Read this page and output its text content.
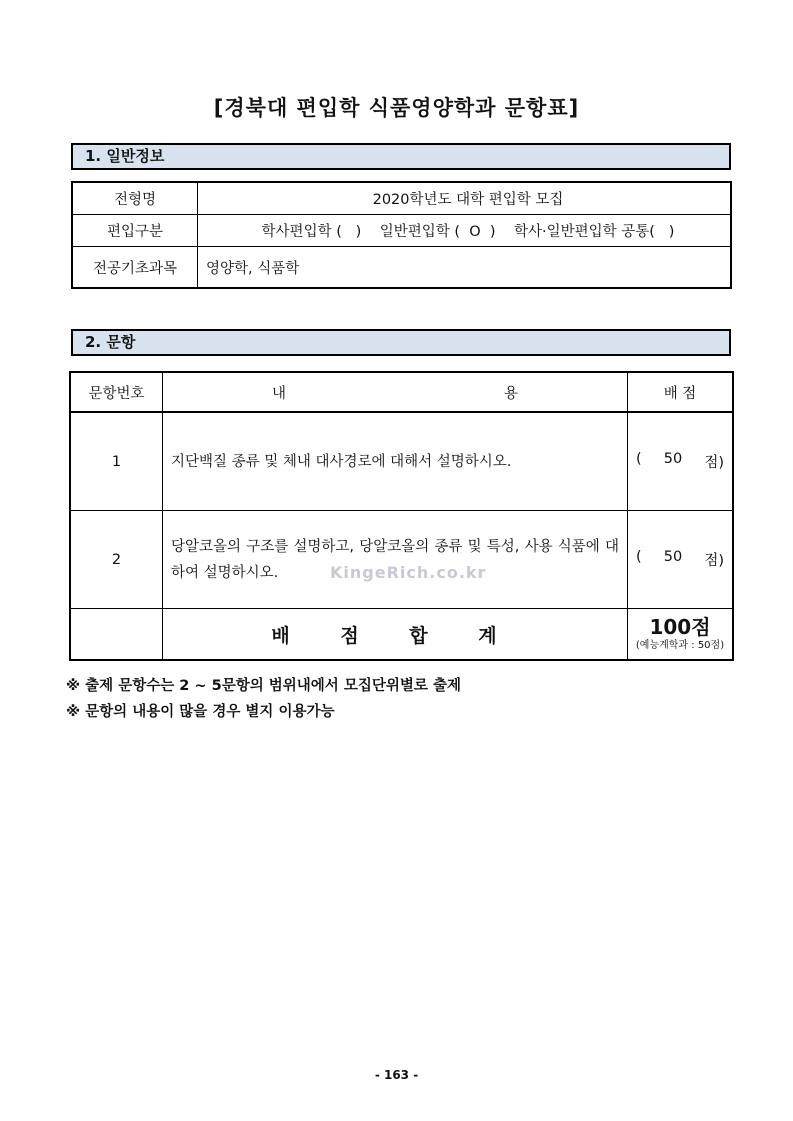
[경북대 편입학 식품영양학과 문항표]
1. 일반정보
전형명	2020학년도 대학 편입학 모집
편입구분	학사편입학 (   )    일반편입학 (  O  )    학사·일반편입학 공통(   )
전공기초과목	영양학, 식품학
2. 문항
문항번호	내 용	배 점
1	지단백질 종류 및 체내 대사경로에 대해서 설명하시오.	( 50 점)

2	당알코올의 구조를 설명하고, 당알코올의 종류 및 특성, 사용 식품에 대하여 설명하시오.	( 50 점)

	배 점 합 계	100점
(예능계학과 : 50점)
KingeRich.co.kr
※ 출제 문항수는 2 ~ 5문항의 범위내에서 모집단위별로 출제
※ 문항의 내용이 많을 경우 별지 이용가능
- 163 -
